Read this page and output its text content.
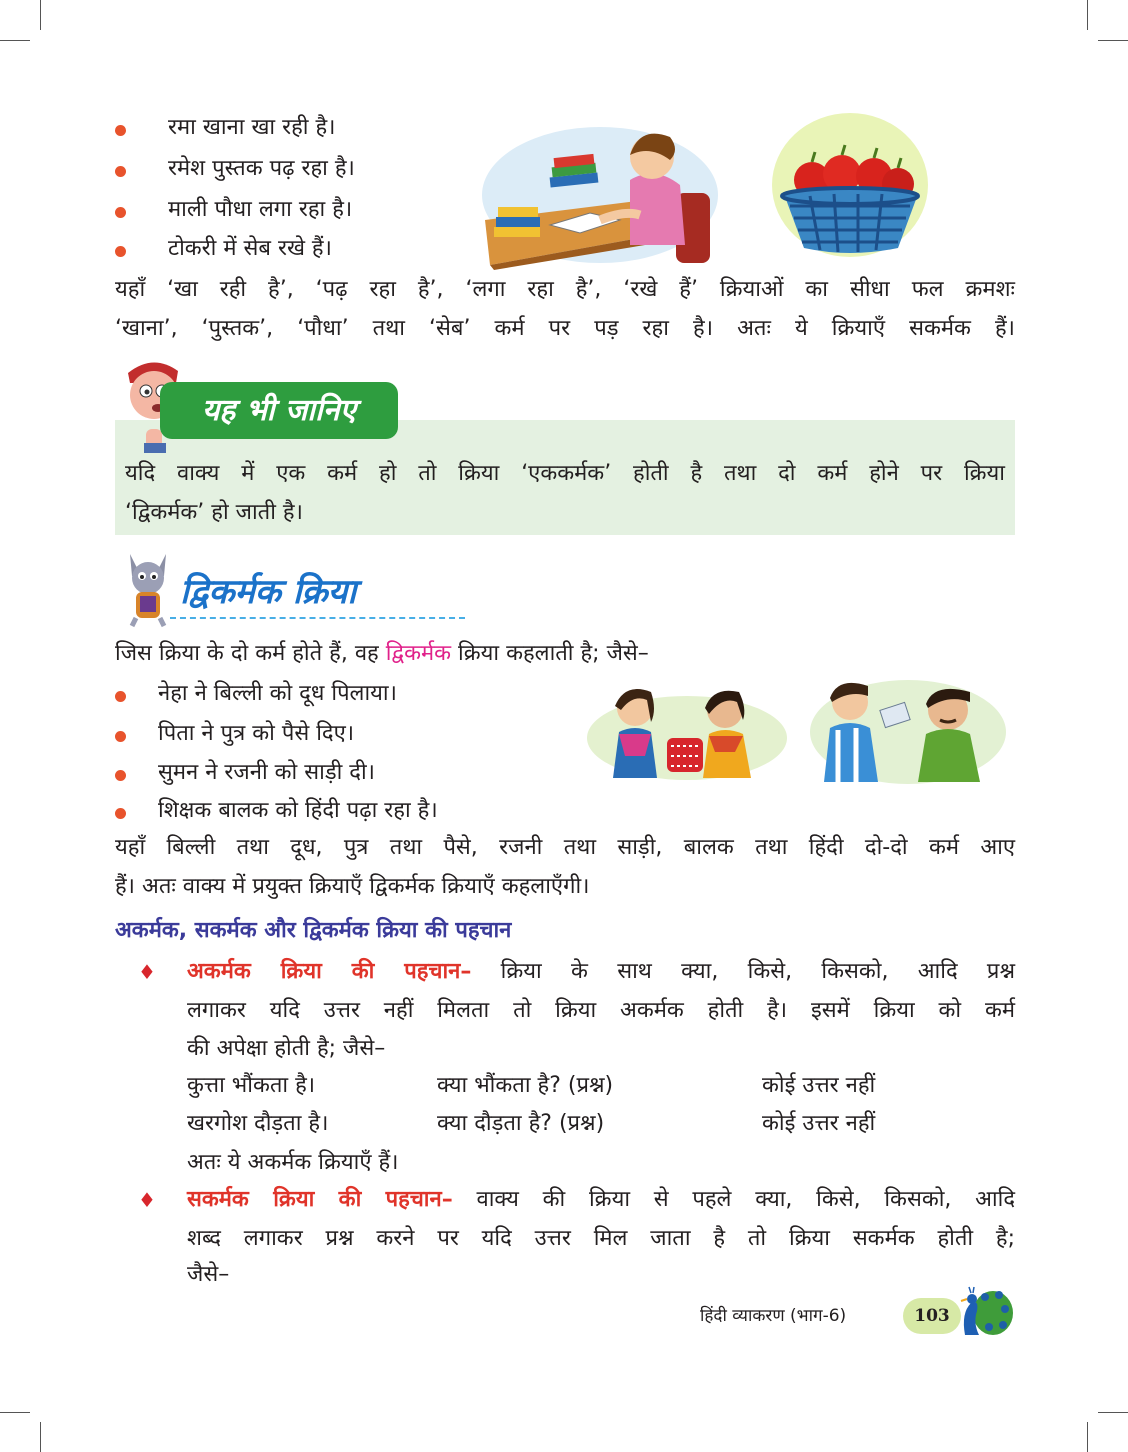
रमा खाना खा रही है।
रमेश पुस्तक पढ़ रहा है।
माली पौधा लगा रहा है।
टोकरी में सेब रखे हैं।
यहाँ ‘खा रही है’, ‘पढ़ रहा है’, ‘लगा रहा है’, ‘रखे हैं’ क्रियाओं का सीधा फल क्रमशः
‘खाना’, ‘पुस्तक’, ‘पौधा’ तथा ‘सेब’ कर्म पर पड़ रहा है। अतः ये क्रियाएँ सकर्मक हैं।
यह भी जानिए
यदि वाक्य में एक कर्म हो तो क्रिया ‘एककर्मक’ होती है तथा दो कर्म होने पर क्रिया
‘द्विकर्मक’ हो जाती है।
द्विकर्मक क्रिया
जिस क्रिया के दो कर्म होते हैं, वह द्विकर्मक क्रिया कहलाती है; जैसे–
नेहा ने बिल्ली को दूध पिलाया।
पिता ने पुत्र को पैसे दिए।
सुमन ने रजनी को साड़ी दी।
शिक्षक बालक को हिंदी पढ़ा रहा है।
यहाँ बिल्ली तथा दूध, पुत्र तथा पैसे, रजनी तथा साड़ी, बालक तथा हिंदी दो-दो कर्म आए
हैं। अतः वाक्य में प्रयुक्त क्रियाएँ द्विकर्मक क्रियाएँ कहलाएँगी।
अकर्मक, सकर्मक और द्विकर्मक क्रिया की पहचान
♦ अकर्मक क्रिया की पहचान– क्रिया के साथ क्या, किसे, किसको, आदि प्रश्न
लगाकर यदि उत्तर नहीं मिलता तो क्रिया अकर्मक होती है। इसमें क्रिया को कर्म
की अपेक्षा होती है; जैसे–
कुत्ता भौंकता है।	क्या भौंकता है? (प्रश्न)	कोई उत्तर नहीं
खरगोश दौड़ता है।	क्या दौड़ता है? (प्रश्न)	कोई उत्तर नहीं
अतः ये अकर्मक क्रियाएँ हैं।
♦ सकर्मक क्रिया की पहचान– वाक्य की क्रिया से पहले क्या, किसे, किसको, आदि
शब्द लगाकर प्रश्न करने पर यदि उत्तर मिल जाता है तो क्रिया सकर्मक होती है;
जैसे–
हिंदी व्याकरण (भाग-6)	103
